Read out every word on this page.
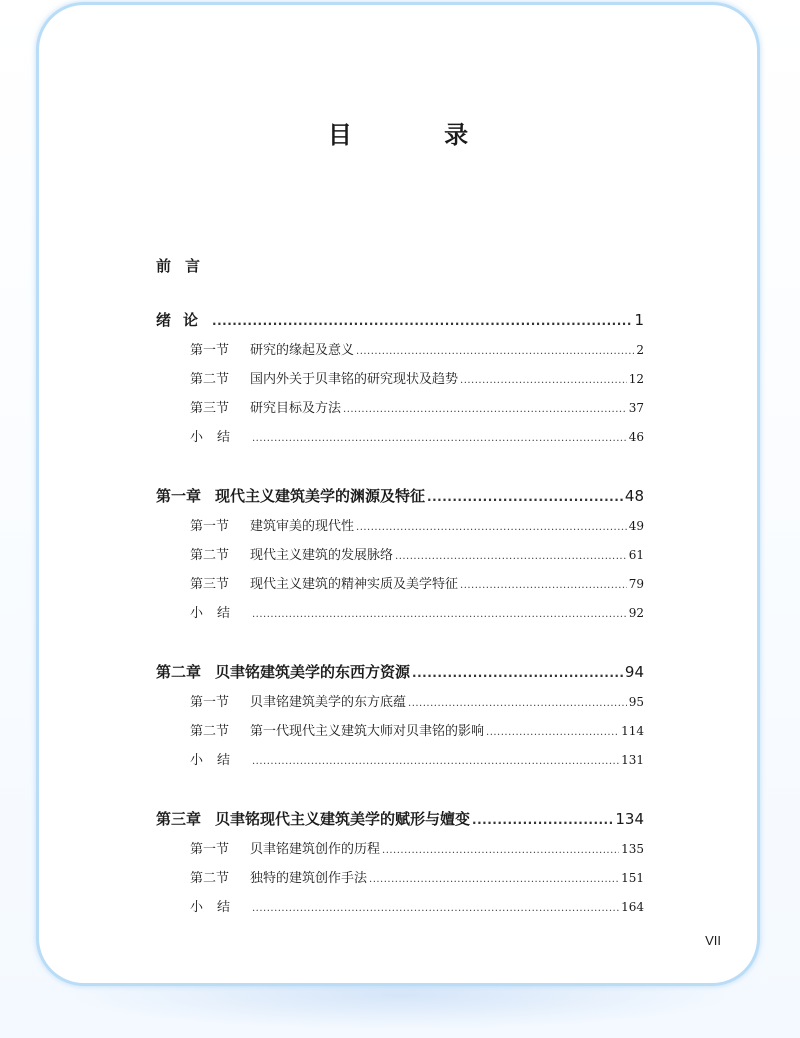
目 录
前言
绪论 .....	1
第一节 研究的缘起及意义 .....	2
第二节 国内外关于贝聿铭的研究现状及趋势 .....	12
第三节 研究目标及方法 .....	37
小结 .....	46
第一章 现代主义建筑美学的渊源及特征 .....	48
第一节 建筑审美的现代性 .....	49
第二节 现代主义建筑的发展脉络 .....	61
第三节 现代主义建筑的精神实质及美学特征 .....	79
小结 .....	92
第二章 贝聿铭建筑美学的东西方资源 .....	94
第一节 贝聿铭建筑美学的东方底蕴 .....	95
第二节 第一代现代主义建筑大师对贝聿铭的影响 .....	114
小结 .....	131
第三章 贝聿铭现代主义建筑美学的赋形与嬗变 .....	134
第一节 贝聿铭建筑创作的历程 .....	135
第二节 独特的建筑创作手法 .....	151
小结 .....	164
VII
